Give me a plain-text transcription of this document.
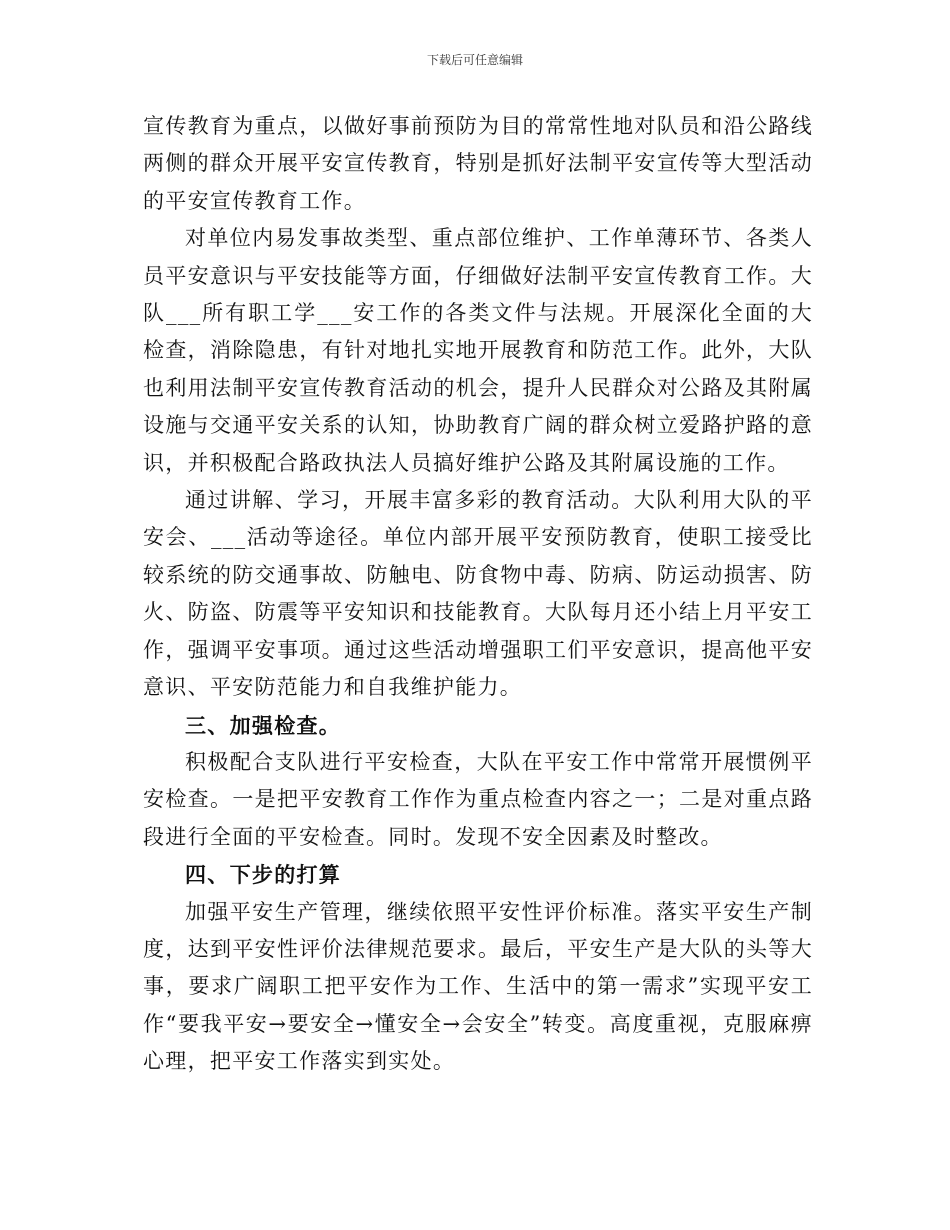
下载后可任意编辑

宣传教育为重点，以做好事前预防为目的常常性地对队员和沿公路线两侧的群众开展平安宣传教育，特别是抓好法制平安宣传等大型活动的平安宣传教育工作。

对单位内易发事故类型、重点部位维护、工作单薄环节、各类人员平安意识与平安技能等方面，仔细做好法制平安宣传教育工作。大队___所有职工学___安工作的各类文件与法规。开展深化全面的大检查，消除隐患，有针对地扎实地开展教育和防范工作。此外，大队也利用法制平安宣传教育活动的机会，提升人民群众对公路及其附属设施与交通平安关系的认知，协助教育广阔的群众树立爱路护路的意识，并积极配合路政执法人员搞好维护公路及其附属设施的工作。

通过讲解、学习，开展丰富多彩的教育活动。大队利用大队的平安会、___活动等途径。单位内部开展平安预防教育，使职工接受比较系统的防交通事故、防触电、防食物中毒、防病、防运动损害、防火、防盗、防震等平安知识和技能教育。大队每月还小结上月平安工作，强调平安事项。通过这些活动增强职工们平安意识，提高他平安意识、平安防范能力和自我维护能力。

三、加强检查。

积极配合支队进行平安检查，大队在平安工作中常常开展惯例平安检查。一是把平安教育工作作为重点检查内容之一；二是对重点路段进行全面的平安检查。同时。发现不安全因素及时整改。

四、下步的打算

加强平安生产管理，继续依照平安性评价标准。落实平安生产制度，达到平安性评价法律规范要求。最后，平安生产是大队的头等大事，要求广阔职工把平安作为工作、生活中的第一需求”实现平安工作“要我平安→要安全→懂安全→会安全”转变。高度重视，克服麻痹心理，把平安工作落实到实处。
